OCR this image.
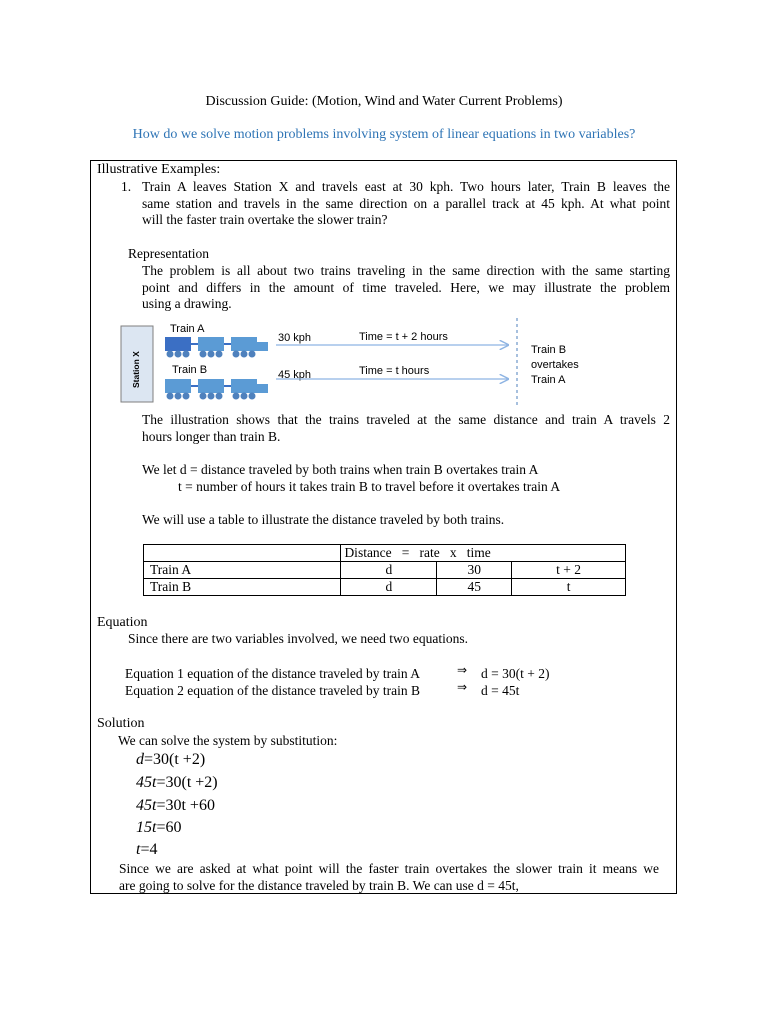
Discussion Guide: (Motion, Wind and Water Current Problems)
How do we solve motion problems involving system of linear equations in two variables?
Illustrative Examples:
1. Train A leaves Station X and travels east at 30 kph. Two hours later, Train B leaves the
same station and travels in the same direction on a parallel track at 45 kph. At what point
will the faster train overtake the slower train?
Representation
The problem is all about two trains traveling in the same direction with the same starting
point and differs in the amount of time traveled. Here, we may illustrate the problem
using a drawing.
Station X
Train A
Train B
30 kph	Time = t + 2 hours
45 kph	Time = t hours
Train B
overtakes
Train A
The illustration shows that the trains traveled at the same distance and train A travels 2
hours longer than train B.
We let d = distance traveled by both trains when train B overtakes train A
t = number of hours it takes train B to travel before it overtakes train A
We will use a table to illustrate the distance traveled by both trains.
	Distance   =   rate   x   time		
Train A	d	30	t + 2
Train B	d	45	t
Equation
Since there are two variables involved, we need two equations.
Equation 1 equation of the distance traveled by train A	⇒ d = 30(t + 2)
Equation 2 equation of the distance traveled by train B	⇒ d = 45t
Solution
We can solve the system by substitution:
d=30(t +2)
45t=30(t +2)
45t=30t +60
15t=60
t=4
Since we are asked at what point will the faster train overtakes the slower train it means we
are going to solve for the distance traveled by train B. We can use d = 45t,
